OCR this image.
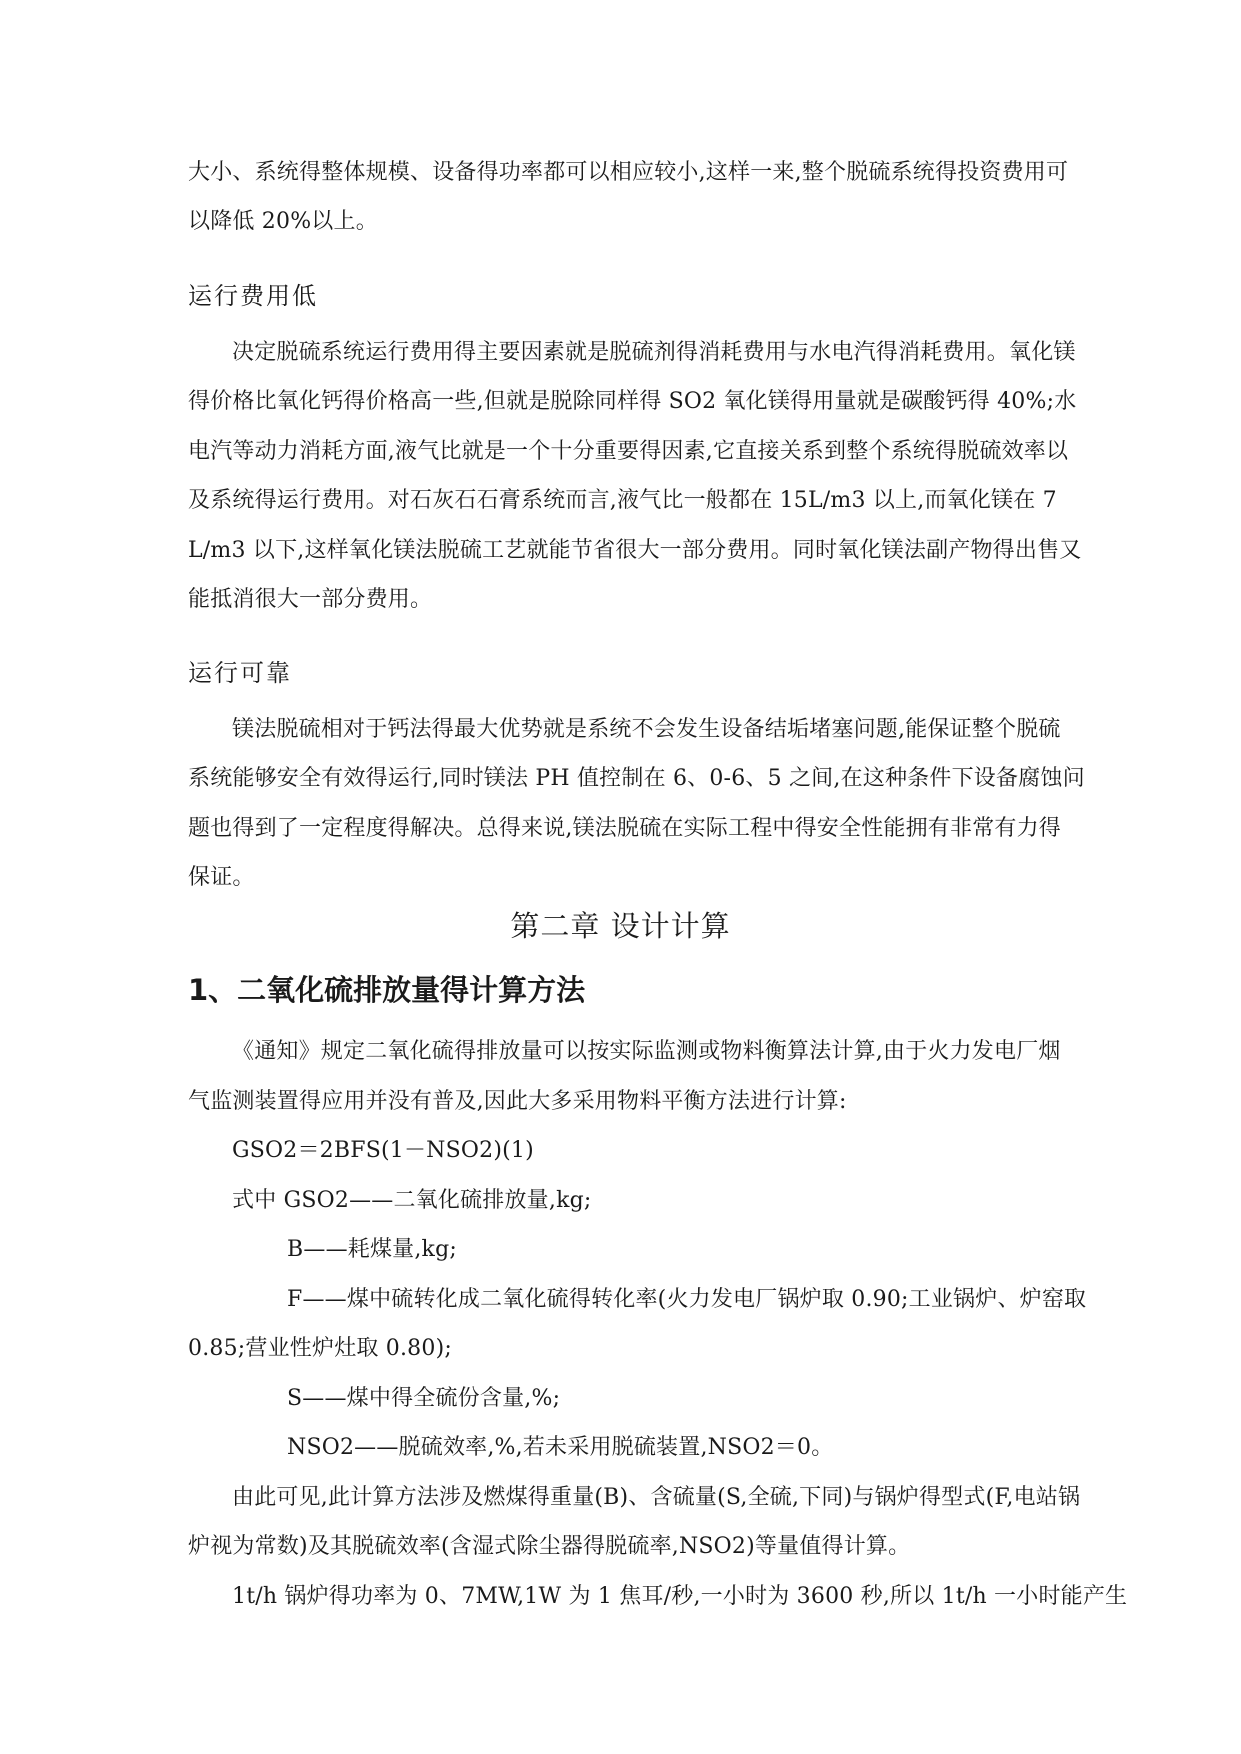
第二章 设计计算
1、二氧化硫排放量得计算方法
大小、系统得整体规模、设备得功率都可以相应较小,这样一来,整个脱硫系统得投资费用可
以降低 20%以上。
运行费用低
决定脱硫系统运行费用得主要因素就是脱硫剂得消耗费用与水电汽得消耗费用。氧化镁
得价格比氧化钙得价格高一些,但就是脱除同样得 SO2 氧化镁得用量就是碳酸钙得 40%;水
电汽等动力消耗方面,液气比就是一个十分重要得因素,它直接关系到整个系统得脱硫效率以
及系统得运行费用。对石灰石石膏系统而言,液气比一般都在 15L/m3 以上,而氧化镁在 7
L/m3 以下,这样氧化镁法脱硫工艺就能节省很大一部分费用。同时氧化镁法副产物得出售又
能抵消很大一部分费用。
运行可靠
镁法脱硫相对于钙法得最大优势就是系统不会发生设备结垢堵塞问题,能保证整个脱硫
系统能够安全有效得运行,同时镁法 PH 值控制在 6、0-6、5 之间,在这种条件下设备腐蚀问
题也得到了一定程度得解决。总得来说,镁法脱硫在实际工程中得安全性能拥有非常有力得
保证。
《通知》规定二氧化硫得排放量可以按实际监测或物料衡算法计算,由于火力发电厂烟
气监测装置得应用并没有普及,因此大多采用物料平衡方法进行计算:
GSO2＝2BFS(1－NSO2)(1)
式中 GSO2——二氧化硫排放量,kg;
B——耗煤量,kg;
F——煤中硫转化成二氧化硫得转化率(火力发电厂锅炉取 0.90;工业锅炉、炉窑取
0.85;营业性炉灶取 0.80);
S——煤中得全硫份含量,%;
NSO2——脱硫效率,%,若未采用脱硫装置,NSO2＝0。
由此可见,此计算方法涉及燃煤得重量(B)、含硫量(S,全硫,下同)与锅炉得型式(F,电站锅
炉视为常数)及其脱硫效率(含湿式除尘器得脱硫率,NSO2)等量值得计算。
1t/h 锅炉得功率为 0、7MW,1W 为 1 焦耳/秒,一小时为 3600 秒,所以 1t/h 一小时能产生
